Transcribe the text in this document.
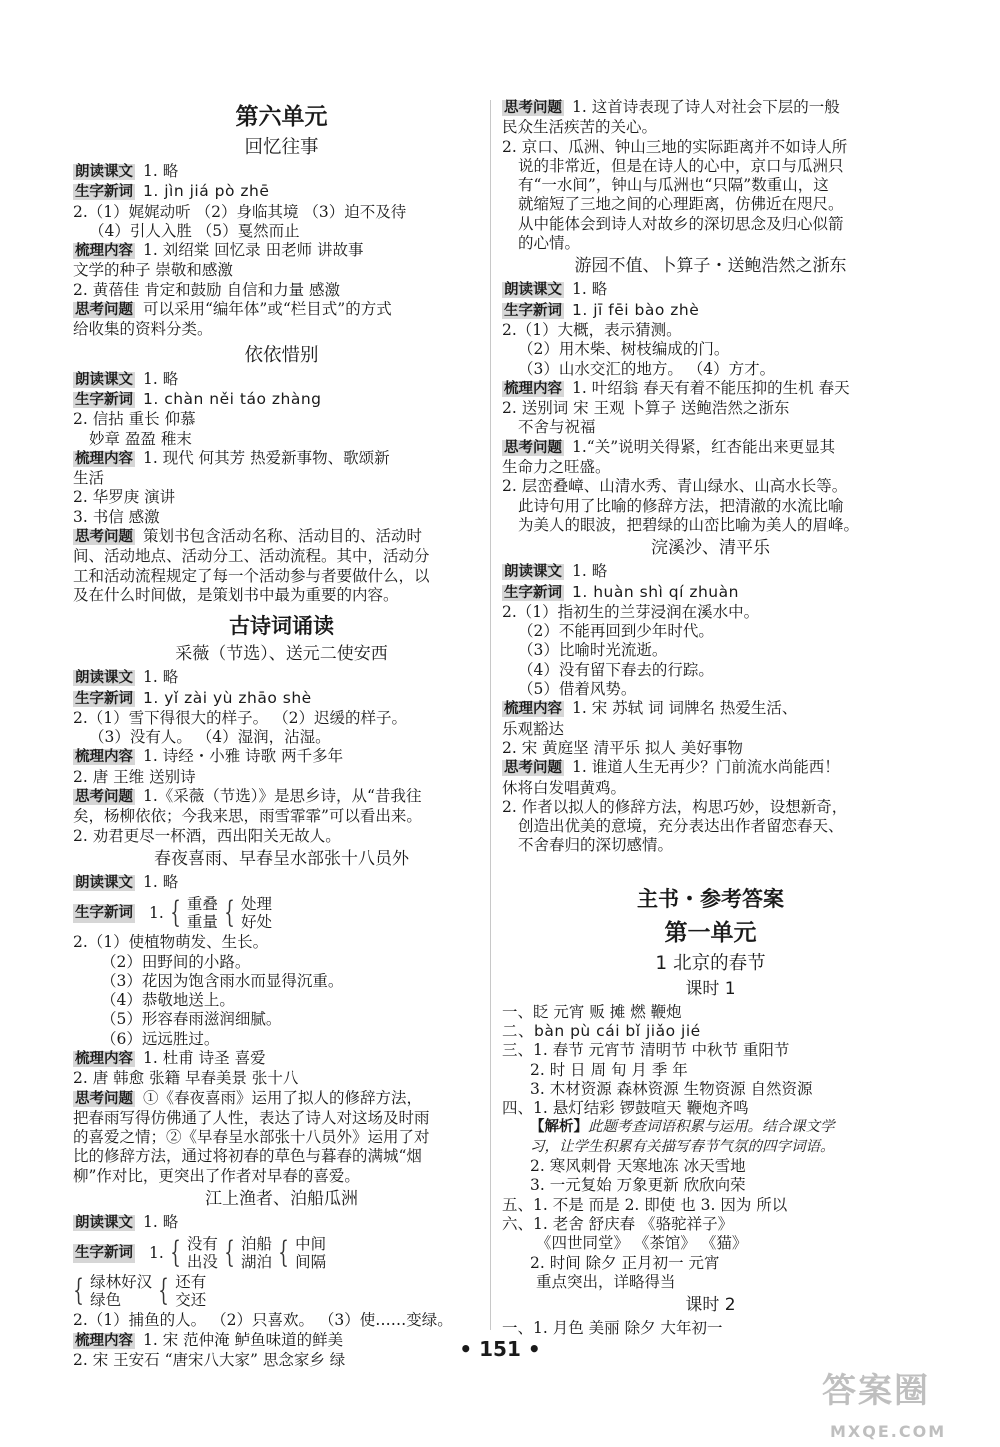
第六单元
回忆往事
朗读课文 1. 略
生字新词 1. jìn jiá pò zhē
2.（1）娓娓动听 （2）身临其境 （3）迫不及待
（4）引人入胜 （5）戛然而止
梳理内容 1. 刘绍棠 回忆录 田老师 讲故事
文学的种子 崇敬和感激
2. 黄蓓佳 肯定和鼓励 自信和力量 感激
思考问题 可以采用“编年体”或“栏目式”的方式
给收集的资料分类。
依依惜别
朗读课文 1. 略
生字新词 1. chàn něi táo zhàng
2. 信拈 重长 仰慕
妙章 盈盈 稚末
梳理内容 1. 现代 何其芳 热爱新事物、歌颂新
生活
2. 华罗庚 演讲
3. 书信 感激
思考问题 策划书包含活动名称、活动目的、活动时
间、活动地点、活动分工、活动流程。其中，活动分
工和活动流程规定了每一个活动参与者要做什么，以
及在什么时间做，是策划书中最为重要的内容。
古诗词诵读
采薇（节选）、送元二使安西
朗读课文 1. 略
生字新词 1. yǐ zài yù zhāo shè
2.（1）雪下得很大的样子。 （2）迟缓的样子。
（3）没有人。 （4）湿润，沾湿。
梳理内容 1. 诗经・小雅 诗歌 两千多年
2. 唐 王维 送别诗
思考问题 1.《采薇（节选）》是思乡诗，从“昔我往
矣，杨柳依依；今我来思，雨雪霏霏”可以看出来。
2. 劝君更尽一杯酒，西出阳关无故人。
春夜喜雨、早春呈水部张十八员外
朗读课文 1. 略
生字新词 1. { 重叠
重量 { 处理
好处
2.（1）使植物萌发、生长。
（2）田野间的小路。
（3）花因为饱含雨水而显得沉重。
（4）恭敬地送上。
（5）形容春雨滋润细腻。
（6）远远胜过。
梳理内容 1. 杜甫 诗圣 喜爱
2. 唐 韩愈 张籍 早春美景 张十八
思考问题 ①《春夜喜雨》运用了拟人的修辞方法，
把春雨写得仿佛通了人性，表达了诗人对这场及时雨
的喜爱之情；②《早春呈水部张十八员外》运用了对
比的修辞方法，通过将初春的草色与暮春的满城“烟
柳”作对比，更突出了作者对早春的喜爱。
江上渔者、泊船瓜洲
朗读课文 1. 略
生字新词 1. { 没有
出没 { 泊船
湖泊 { 中间
间隔
{ 绿林好汉
绿色	{ 还有
交还
2.（1）捕鱼的人。 （2）只喜欢。 （3）使……变绿。
梳理内容 1. 宋 范仲淹 鲈鱼味道的鲜美
2. 宋 王安石 “唐宋八大家” 思念家乡 绿
思考问题 1. 这首诗表现了诗人对社会下层的一般
民众生活疾苦的关心。
2. 京口、瓜洲、钟山三地的实际距离并不如诗人所
说的非常近，但是在诗人的心中，京口与瓜洲只
有“一水间”，钟山与瓜洲也“只隔”数重山，这
就缩短了三地之间的心理距离，仿佛近在咫尺。
从中能体会到诗人对故乡的深切思念及归心似箭
的心情。
游园不值、卜算子・送鲍浩然之浙东
朗读课文 1. 略
生字新词 1. jī fēi bào zhè
2.（1）大概，表示猜测。
（2）用木柴、树枝编成的门。
（3）山水交汇的地方。 （4）方才。
梳理内容 1. 叶绍翁 春天有着不能压抑的生机 春天
2. 送别词 宋 王观 卜算子 送鲍浩然之浙东
不舍与祝福
思考问题 1.“关”说明关得紧，红杏能出来更显其
生命力之旺盛。
2. 层峦叠嶂、山清水秀、青山绿水、山高水长等。
此诗句用了比喻的修辞方法，把清澈的水流比喻
为美人的眼波，把碧绿的山峦比喻为美人的眉峰。
浣溪沙、清平乐
朗读课文 1. 略
生字新词 1. huàn shì qí zhuàn
2.（1）指初生的兰芽浸润在溪水中。
（2）不能再回到少年时代。
（3）比喻时光流逝。
（4）没有留下春去的行踪。
（5）借着风势。
梳理内容 1. 宋 苏轼 词 词牌名 热爱生活、
乐观豁达
2. 宋 黄庭坚 清平乐 拟人 美好事物
思考问题 1. 谁道人生无再少？门前流水尚能西！
休将白发唱黄鸡。
2. 作者以拟人的修辞方法，构思巧妙，设想新奇，
创造出优美的意境，充分表达出作者留恋春天、
不舍春归的深切感情。
主书・参考答案
第一单元
1 北京的春节
课时 1
一、眨 元宵 贩 摊 燃 鞭炮
二、bàn pù cái bǐ jiǎo jié
三、1. 春节 元宵节 清明节 中秋节 重阳节
2. 时 日 周 旬 月 季 年
3. 木材资源 森林资源 生物资源 自然资源
四、1. 悬灯结彩 锣鼓喧天 鞭炮齐鸣
【解析】此题考查词语积累与运用。结合课文学
习，让学生积累有关描写春节气氛的四字词语。
2. 寒风刺骨 天寒地冻 冰天雪地
3. 一元复始 万象更新 欣欣向荣
五、1. 不是 而是 2. 即使 也 3. 因为 所以
六、1. 老舍 舒庆春 《骆驼祥子》
《四世同堂》 《茶馆》 《猫》
2. 时间 除夕 正月初一 元宵
重点突出，详略得当
课时 2
一、1. 月色 美丽 除夕 大年初一
• 151 •
答案圈
MXQE.COM
